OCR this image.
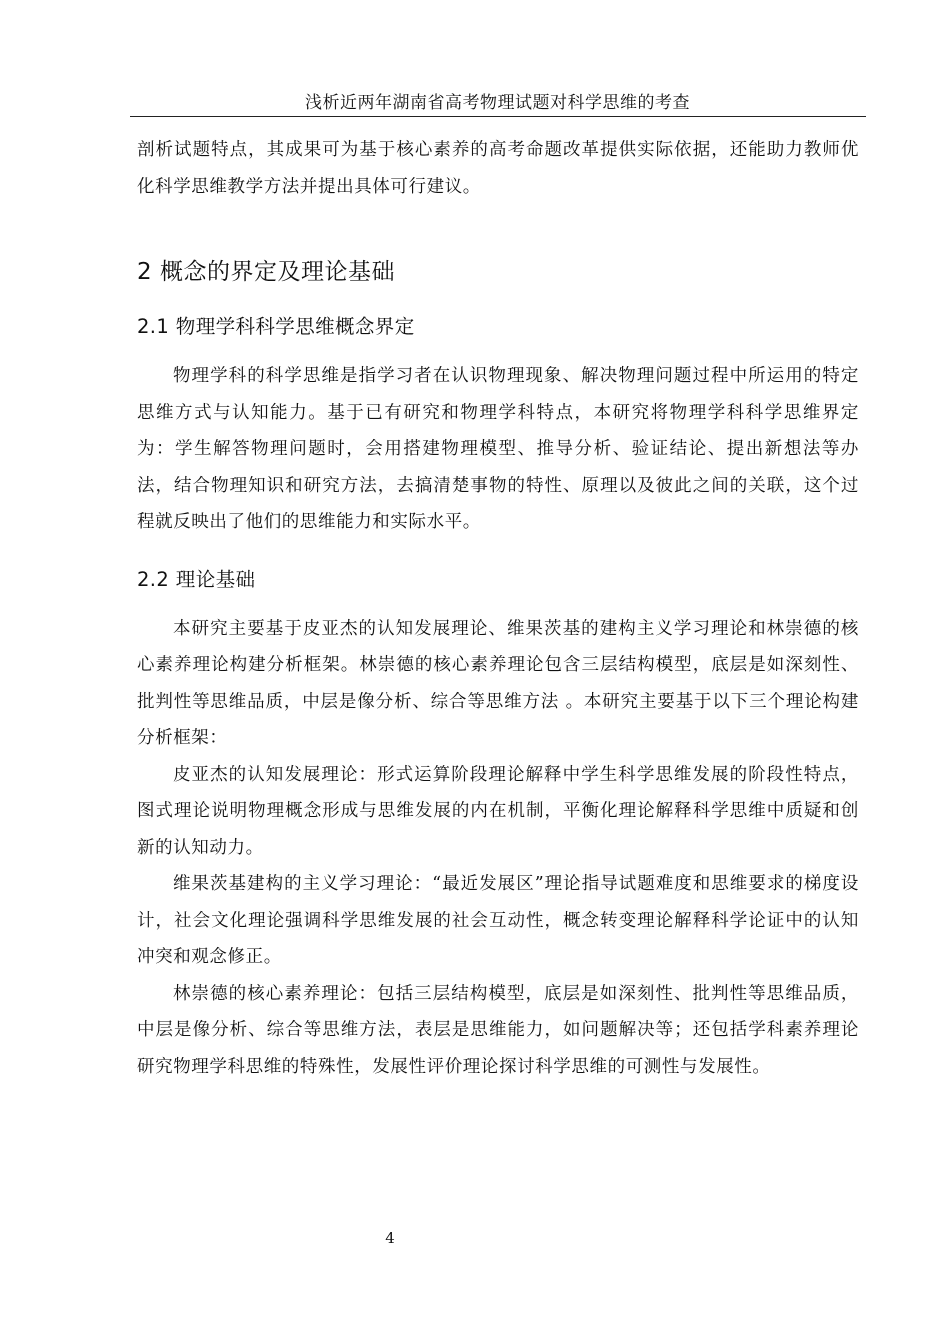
浅析近两年湖南省高考物理试题对科学思维的考查

剖析试题特点，其成果可为基于核心素养的高考命题改革提供实际依据，还能助力教师优化科学思维教学方法并提出具体可行建议。

2 概念的界定及理论基础
2.1 物理学科科学思维概念界定

物理学科的科学思维是指学习者在认识物理现象、解决物理问题过程中所运用的特定思维方式与认知能力。基于已有研究和物理学科特点，本研究将物理学科科学思维界定为：学生解答物理问题时，会用搭建物理模型、推导分析、验证结论、提出新想法等办法，结合物理知识和研究方法，去搞清楚事物的特性、原理以及彼此之间的关联，这个过程就反映出了他们的思维能力和实际水平。

2.2 理论基础

本研究主要基于皮亚杰的认知发展理论、维果茨基的建构主义学习理论和林崇德的核心素养理论构建分析框架。林崇德的核心素养理论包含三层结构模型，底层是如深刻性、批判性等思维品质，中层是像分析、综合等思维方法 。本研究主要基于以下三个理论构建分析框架：

皮亚杰的认知发展理论：形式运算阶段理论解释中学生科学思维发展的阶段性特点，图式理论说明物理概念形成与思维发展的内在机制，平衡化理论解释科学思维中质疑和创新的认知动力。

维果茨基建构的主义学习理论：“最近发展区”理论指导试题难度和思维要求的梯度设计，社会文化理论强调科学思维发展的社会互动性，概念转变理论解释科学论证中的认知冲突和观念修正。

林崇德的核心素养理论：包括三层结构模型，底层是如深刻性、批判性等思维品质，中层是像分析、综合等思维方法，表层是思维能力，如问题解决等；还包括学科素养理论研究物理学科思维的特殊性，发展性评价理论探讨科学思维的可测性与发展性。

4
